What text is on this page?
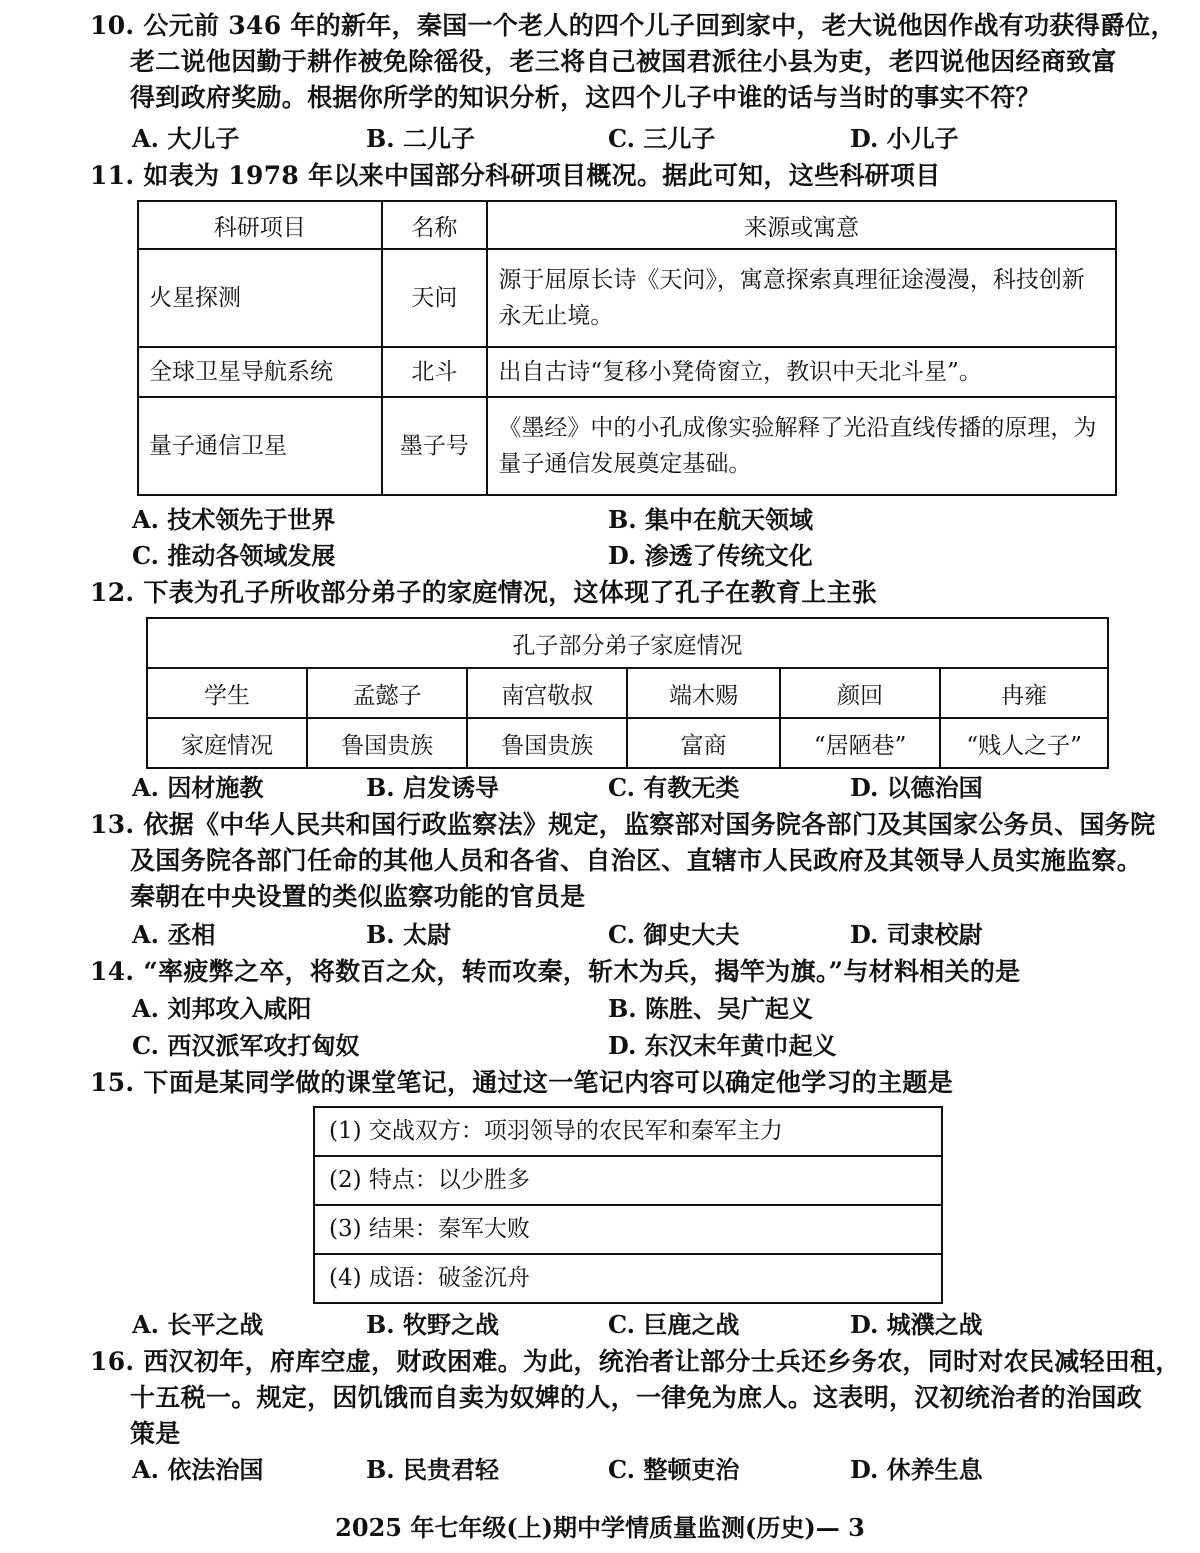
10. 公元前 346 年的新年，秦国一个老人的四个儿子回到家中，老大说他因作战有功获得爵位，
老二说他因勤于耕作被免除徭役，老三将自己被国君派往小县为吏，老四说他因经商致富
得到政府奖励。根据你所学的知识分析，这四个儿子中谁的话与当时的事实不符？
A. 大儿子	B. 二儿子	C. 三儿子	D. 小儿子
11. 如表为 1978 年以来中国部分科研项目概况。据此可知，这些科研项目
科研项目	名称	来源或寓意
火星探测	天问	源于屈原长诗《天问》，寓意探索真理征途漫漫，科技创新永无止境。
全球卫星导航系统	北斗	出自古诗“复移小凳倚窗立，教识中天北斗星”。
量子通信卫星	墨子号	《墨经》中的小孔成像实验解释了光沿直线传播的原理，为量子通信发展奠定基础。
A. 技术领先于世界	B. 集中在航天领域
C. 推动各领域发展	D. 渗透了传统文化
12. 下表为孔子所收部分弟子的家庭情况，这体现了孔子在教育上主张
孔子部分弟子家庭情况					
学生	孟懿子	南宫敬叔	端木赐	颜回	冉雍
家庭情况	鲁国贵族	鲁国贵族	富商	“居陋巷”	“贱人之子”
A. 因材施教	B. 启发诱导	C. 有教无类	D. 以德治国
13. 依据《中华人民共和国行政监察法》规定，监察部对国务院各部门及其国家公务员、国务院
及国务院各部门任命的其他人员和各省、自治区、直辖市人民政府及其领导人员实施监察。
秦朝在中央设置的类似监察功能的官员是
A. 丞相	B. 太尉	C. 御史大夫	D. 司隶校尉
14. “率疲弊之卒，将数百之众，转而攻秦，斩木为兵，揭竿为旗。”与材料相关的是
A. 刘邦攻入咸阳	B. 陈胜、吴广起义
C. 西汉派军攻打匈奴	D. 东汉末年黄巾起义
15. 下面是某同学做的课堂笔记，通过这一笔记内容可以确定他学习的主题是
(1) 交战双方：项羽领导的农民军和秦军主力
(2) 特点：以少胜多
(3) 结果：秦军大败
(4) 成语：破釜沉舟
A. 长平之战	B. 牧野之战	C. 巨鹿之战	D. 城濮之战
16. 西汉初年，府库空虚，财政困难。为此，统治者让部分士兵还乡务农，同时对农民减轻田租，
十五税一。规定，因饥饿而自卖为奴婢的人，一律免为庶人。这表明，汉初统治者的治国政
策是
A. 依法治国	B. 民贵君轻	C. 整顿吏治	D. 休养生息
2025 年七年级(上)期中学情质量监测(历史)— 3
